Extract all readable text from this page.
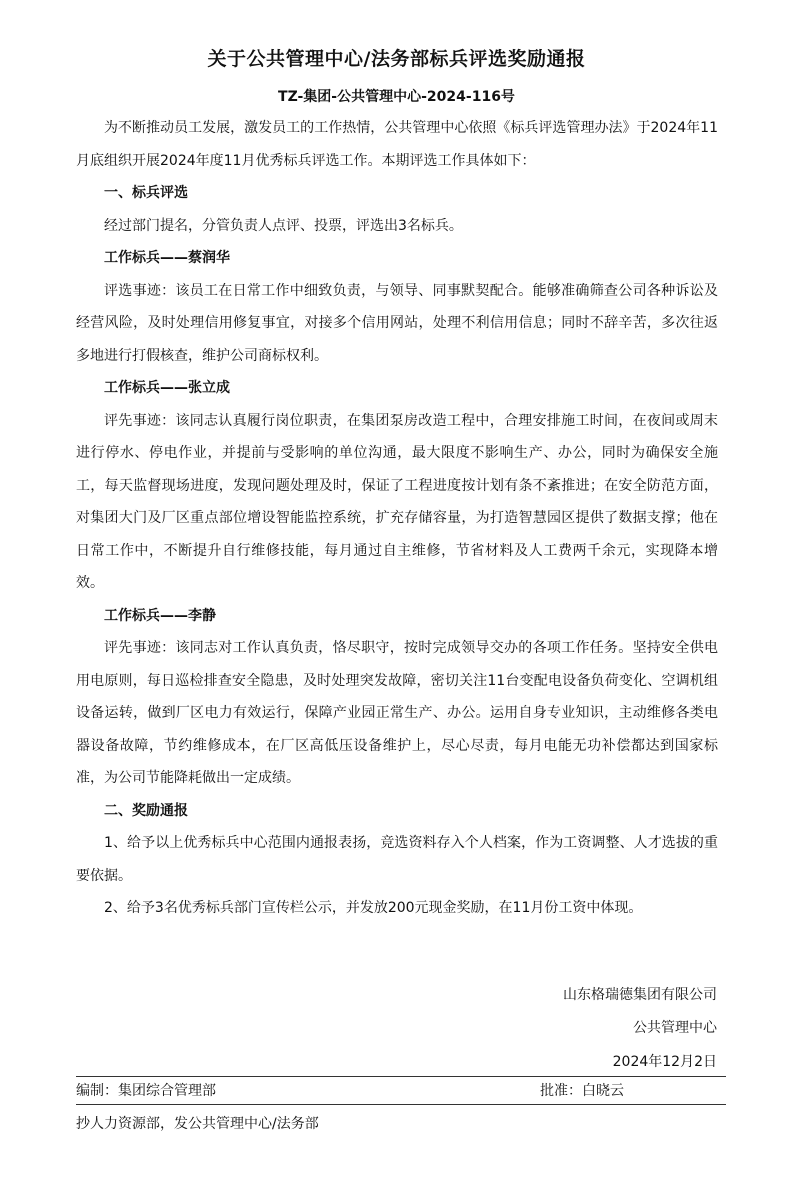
关于公共管理中心/法务部标兵评选奖励通报
TZ-集团-公共管理中心-2024-116号

为不断推动员工发展，激发员工的工作热情，公共管理中心依照《标兵评选管理办法》于2024年11月底组织开展2024年度11月优秀标兵评选工作。本期评选工作具体如下：

一、标兵评选

经过部门提名，分管负责人点评、投票，评选出3名标兵。

工作标兵——蔡润华

评选事迹：该员工在日常工作中细致负责，与领导、同事默契配合。能够准确筛查公司各种诉讼及经营风险，及时处理信用修复事宜，对接多个信用网站，处理不利信用信息；同时不辞辛苦，多次往返多地进行打假核查，维护公司商标权利。

工作标兵——张立成

评先事迹：该同志认真履行岗位职责，在集团泵房改造工程中，合理安排施工时间，在夜间或周末进行停水、停电作业，并提前与受影响的单位沟通，最大限度不影响生产、办公，同时为确保安全施工，每天监督现场进度，发现问题处理及时，保证了工程进度按计划有条不紊推进；在安全防范方面，对集团大门及厂区重点部位增设智能监控系统，扩充存储容量，为打造智慧园区提供了数据支撑；他在日常工作中，不断提升自行维修技能，每月通过自主维修，节省材料及人工费两千余元，实现降本增效。

工作标兵——李静

评先事迹：该同志对工作认真负责，恪尽职守，按时完成领导交办的各项工作任务。坚持安全供电用电原则，每日巡检排查安全隐患，及时处理突发故障，密切关注11台变配电设备负荷变化、空调机组设备运转，做到厂区电力有效运行，保障产业园正常生产、办公。运用自身专业知识，主动维修各类电器设备故障，节约维修成本，在厂区高低压设备维护上，尽心尽责，每月电能无功补偿都达到国家标准，为公司节能降耗做出一定成绩。

二、奖励通报

1、给予以上优秀标兵中心范围内通报表扬，竞选资料存入个人档案，作为工资调整、人才选拔的重要依据。

2、给予3名优秀标兵部门宣传栏公示，并发放200元现金奖励，在11月份工资中体现。

山东格瑞德集团有限公司
公共管理中心
2024年12月2日
编制：集团综合管理部	批准：白晓云
抄人力资源部，发公共管理中心/法务部
